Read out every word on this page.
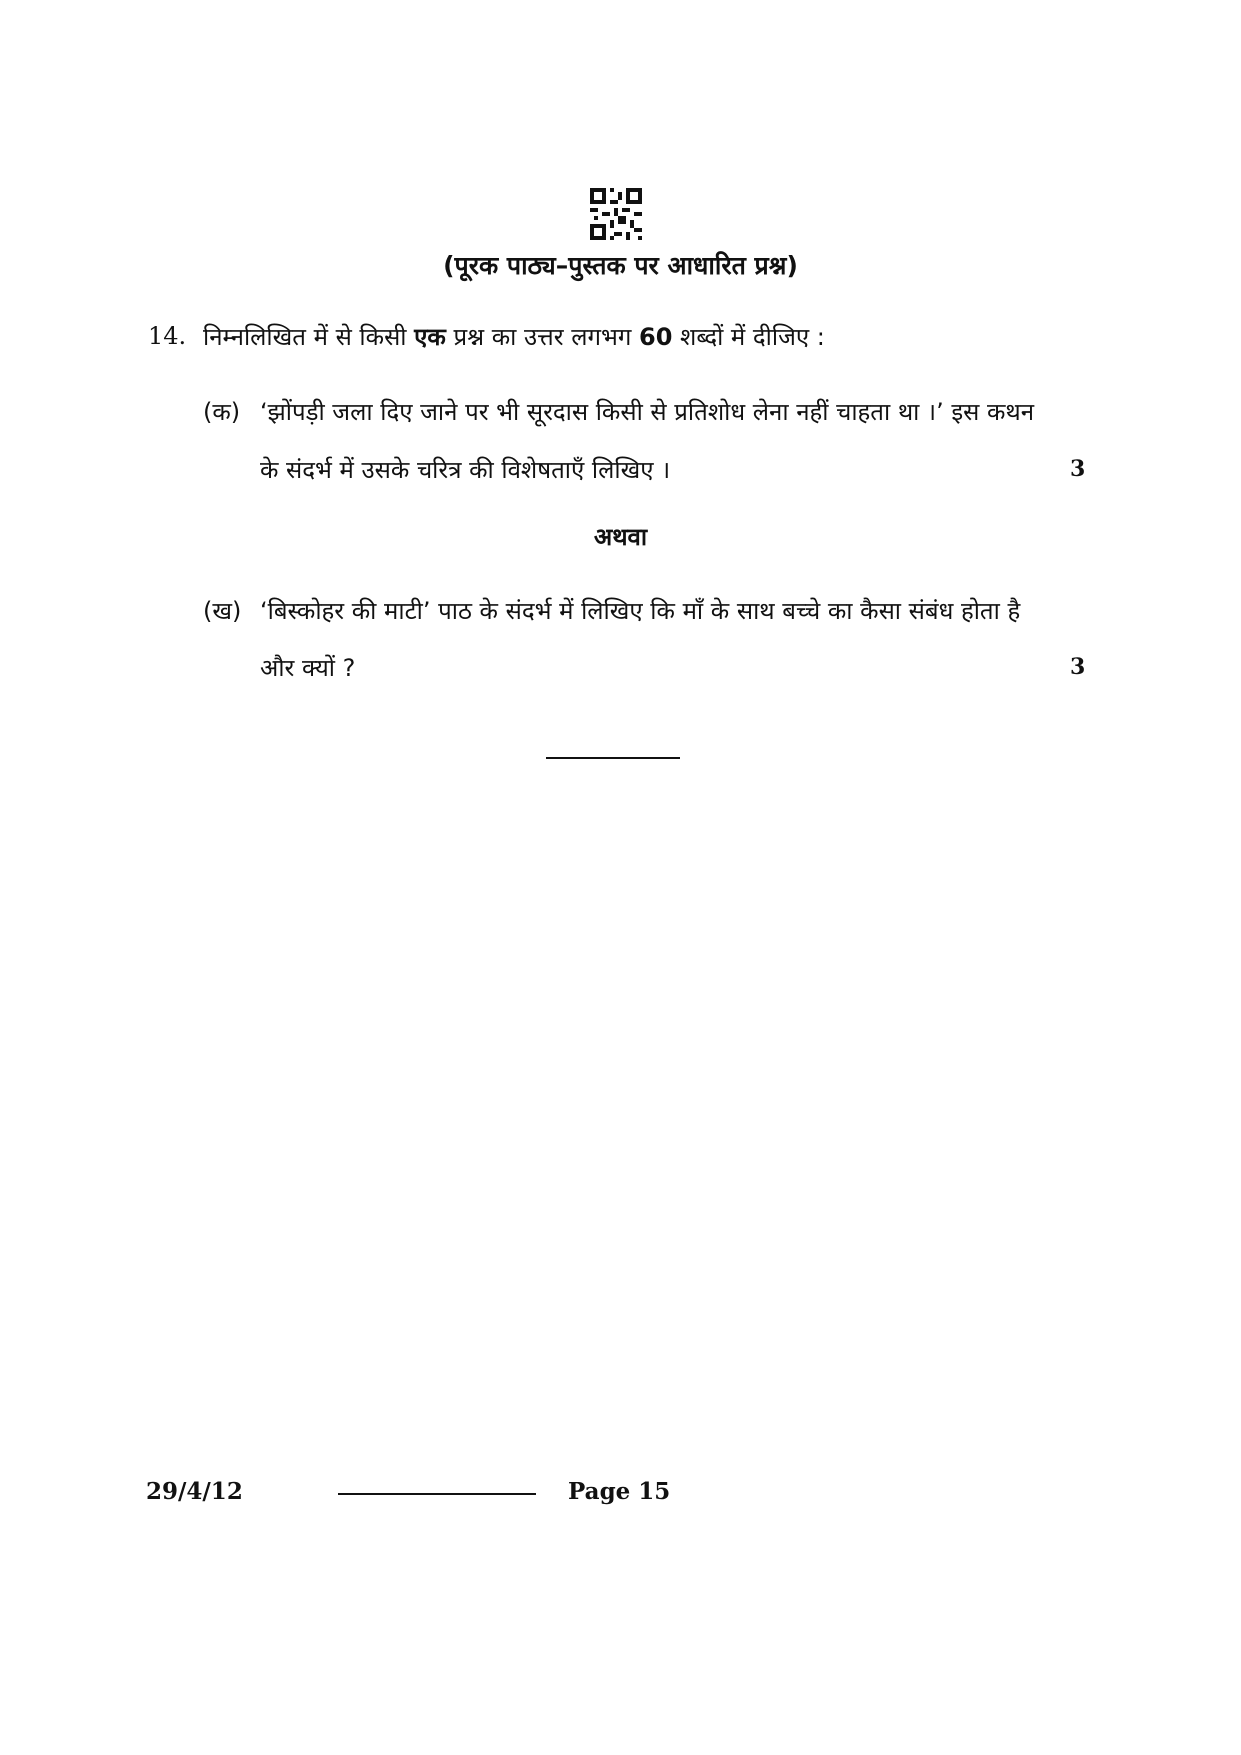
(पूरक पाठ्य–पुस्तक पर आधारित प्रश्न)
14. निम्नलिखित में से किसी एक प्रश्न का उत्तर लगभग 60 शब्दों में दीजिए :
(क) ‘झोंपड़ी जला दिए जाने पर भी सूरदास किसी से प्रतिशोध लेना नहीं चाहता था ।’ इस कथन
के संदर्भ में उसके चरित्र की विशेषताएँ लिखिए ।	3
अथवा
(ख) ‘बिस्कोहर की माटी’ पाठ के संदर्भ में लिखिए कि माँ के साथ बच्चे का कैसा संबंध होता है
और क्यों ?	3
29/4/12	Page 15
